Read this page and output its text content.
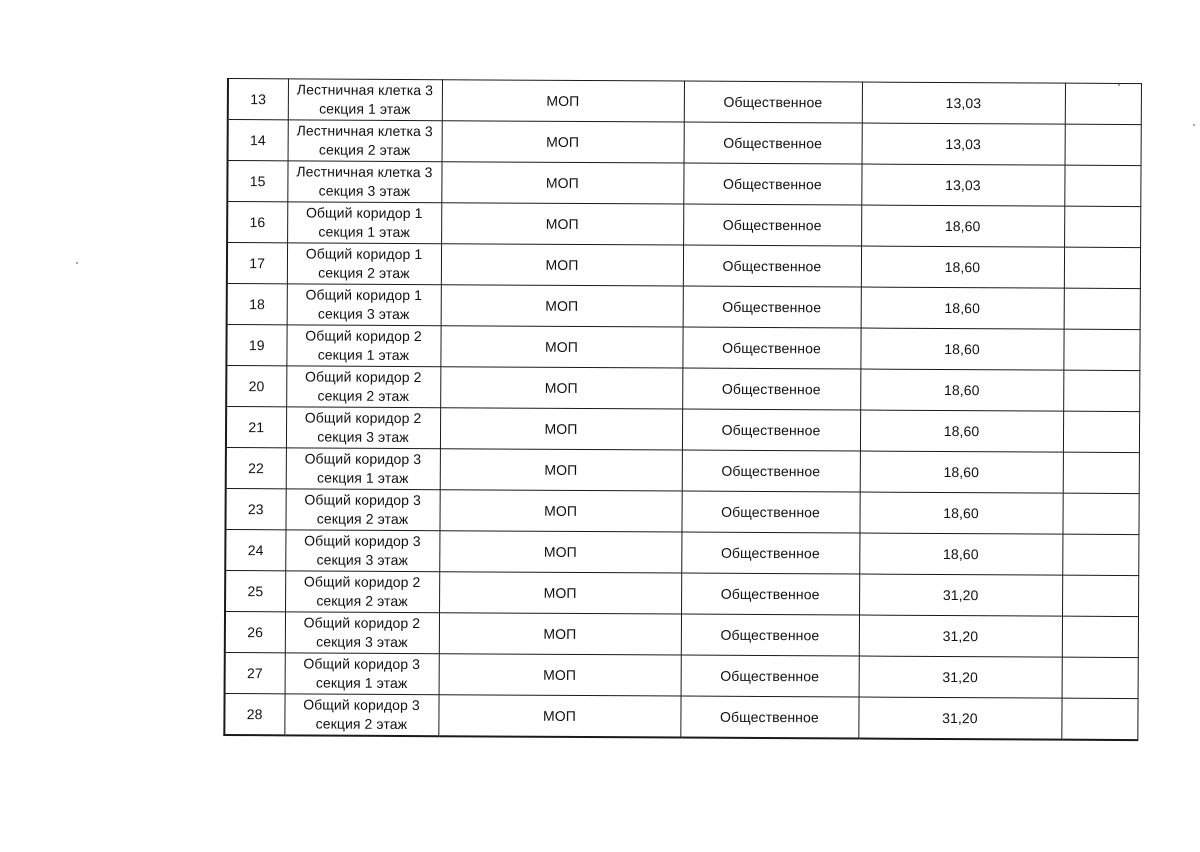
13	Лестничная клетка 3
секция 1 этаж	МОП	Общественное	13,03	
14	Лестничная клетка 3
секция 2 этаж	МОП	Общественное	13,03	
15	Лестничная клетка 3
секция 3 этаж	МОП	Общественное	13,03	
16	Общий коридор 1
секция 1 этаж	МОП	Общественное	18,60	
17	Общий коридор 1
секция 2 этаж	МОП	Общественное	18,60	
18	Общий коридор 1
секция 3 этаж	МОП	Общественное	18,60	
19	Общий коридор 2
секция 1 этаж	МОП	Общественное	18,60	
20	Общий коридор 2
секция 2 этаж	МОП	Общественное	18,60	
21	Общий коридор 2
секция 3 этаж	МОП	Общественное	18,60	
22	Общий коридор 3
секция 1 этаж	МОП	Общественное	18,60	
23	Общий коридор 3
секция 2 этаж	МОП	Общественное	18,60	
24	Общий коридор 3
секция 3 этаж	МОП	Общественное	18,60	
25	Общий коридор 2
секция 2 этаж	МОП	Общественное	31,20	
26	Общий коридор 2
секция 3 этаж	МОП	Общественное	31,20	
27	Общий коридор 3
секция 1 этаж	МОП	Общественное	31,20	
28	Общий коридор 3
секция 2 этаж	МОП	Общественное	31,20	
